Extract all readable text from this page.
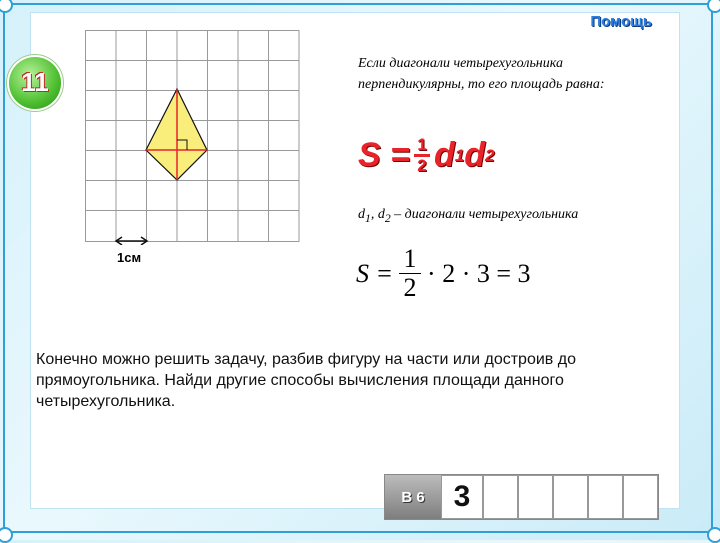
Помощь
11
1см
Если диагонали четырехугольника перпендикулярны, то его площадь равна:
$S = \frac{1}{2}$ d 1 d 2
$d_1$, $d_2$ – диагонали четырехугольника
$S = \frac{1}{2} \cdot 2 \cdot 3 = 3$
Конечно можно решить задачу, разбив фигуру на части или достроив до прямоугольника. Найди другие способы вычисления площади данного четырехугольника.
В 6 3
